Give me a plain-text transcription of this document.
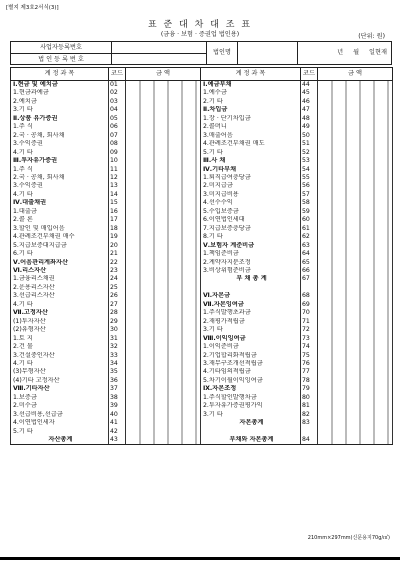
[별지 제3호2서식(3)]
표 준 대 차 대 조 표
(금융 · 보험 · 증권업 법인용)	(단위: 원)
사업자등록번호
법 인 등 록 번 호
법인명	년 월 일현재
계 정 과 목	코드	금 액	계 정 과 목	코드	금 액
Ⅰ.현금 및 예치금	01		Ⅰ.예금부채	44	
1.현금과예금	02		1.예수금	45	
2.예치금	03		2.기 타	46	
3.기 타	04		Ⅱ.차입금	47	
Ⅱ.상품 유가증권	05		1.장 · 단기차입금	48	
1.주 식	06		2.콜머니	49	
2.국 · 공채, 회사채	07		3.매출어음	50	
3.수익증권	08		4.관례조건부채권 매도	51	
4.기 타	09		5.기 타	52	
Ⅲ.투자유가증권	10		Ⅲ.사 채	53	
1.주 식	11		Ⅳ.기타부채	54	
2.국 · 공채, 회사채	12		1.퇴직급여충당금	55	
3.수익증권	13		2.미지급금	56	
4.기 타	14		3.미지급비용	57	
Ⅳ.대출채권	15		4.선수수익	58	
1.대출금	16		5.수입보증금	59	
2.콜 론	17		6.이연법인세대	60	
3.할인 및 매입어음	18		7.지급보증충당금	61	
4.관례조건부채권 매수	19		8.기 타	62	
5.지급보증대지급금	20		Ⅴ.보험자 계준비금	63	
6.기 타	21		1.책임준비금	64	
Ⅴ.어음관리계좌자산	22		2.계약자지분조정	65	
Ⅵ.리스자산	23		3.비상위험준비금	66	
1.금융리스채권	24		부 채 총 계	67	
2.운용리스자산	25				
3.선급리스자산	26		Ⅵ.자본금	68	
4.기 타	27		Ⅶ.자본잉여금	69	
Ⅶ.고정자산	28		1.주식발행초과금	70	
(1)투자자산	29		2.재평가적립금	71	
(2)유형자산	30		3.기 타	72	
1.토 지	31		Ⅷ.이익잉여금	73	
2.건 물	32		1.이익준비금	74	
3.건설중인자산	33		2.기업합리화적립금	75	
4.기 타	34		3.재무구조개선적립금	76	
(3)무형자산	35		4.기타임의적립금	77	
(4)기타 고정자산	36		5.차기이월이익잉여금	78	
Ⅷ.기타자산	37		Ⅸ.자본조정	79	
1.보증금	38		1.주식할인발행차금	80	
2.미수금	39		2.투자유가증권평가익	81	
3.선급비용,선급금	40		3.기 타	82	
4.이연법인세자	41		자본총계	83	
5.기 타	42				
자산총계	43		부채와 자본총계	84	
210mm×297mm(신문용지70g/㎡)
